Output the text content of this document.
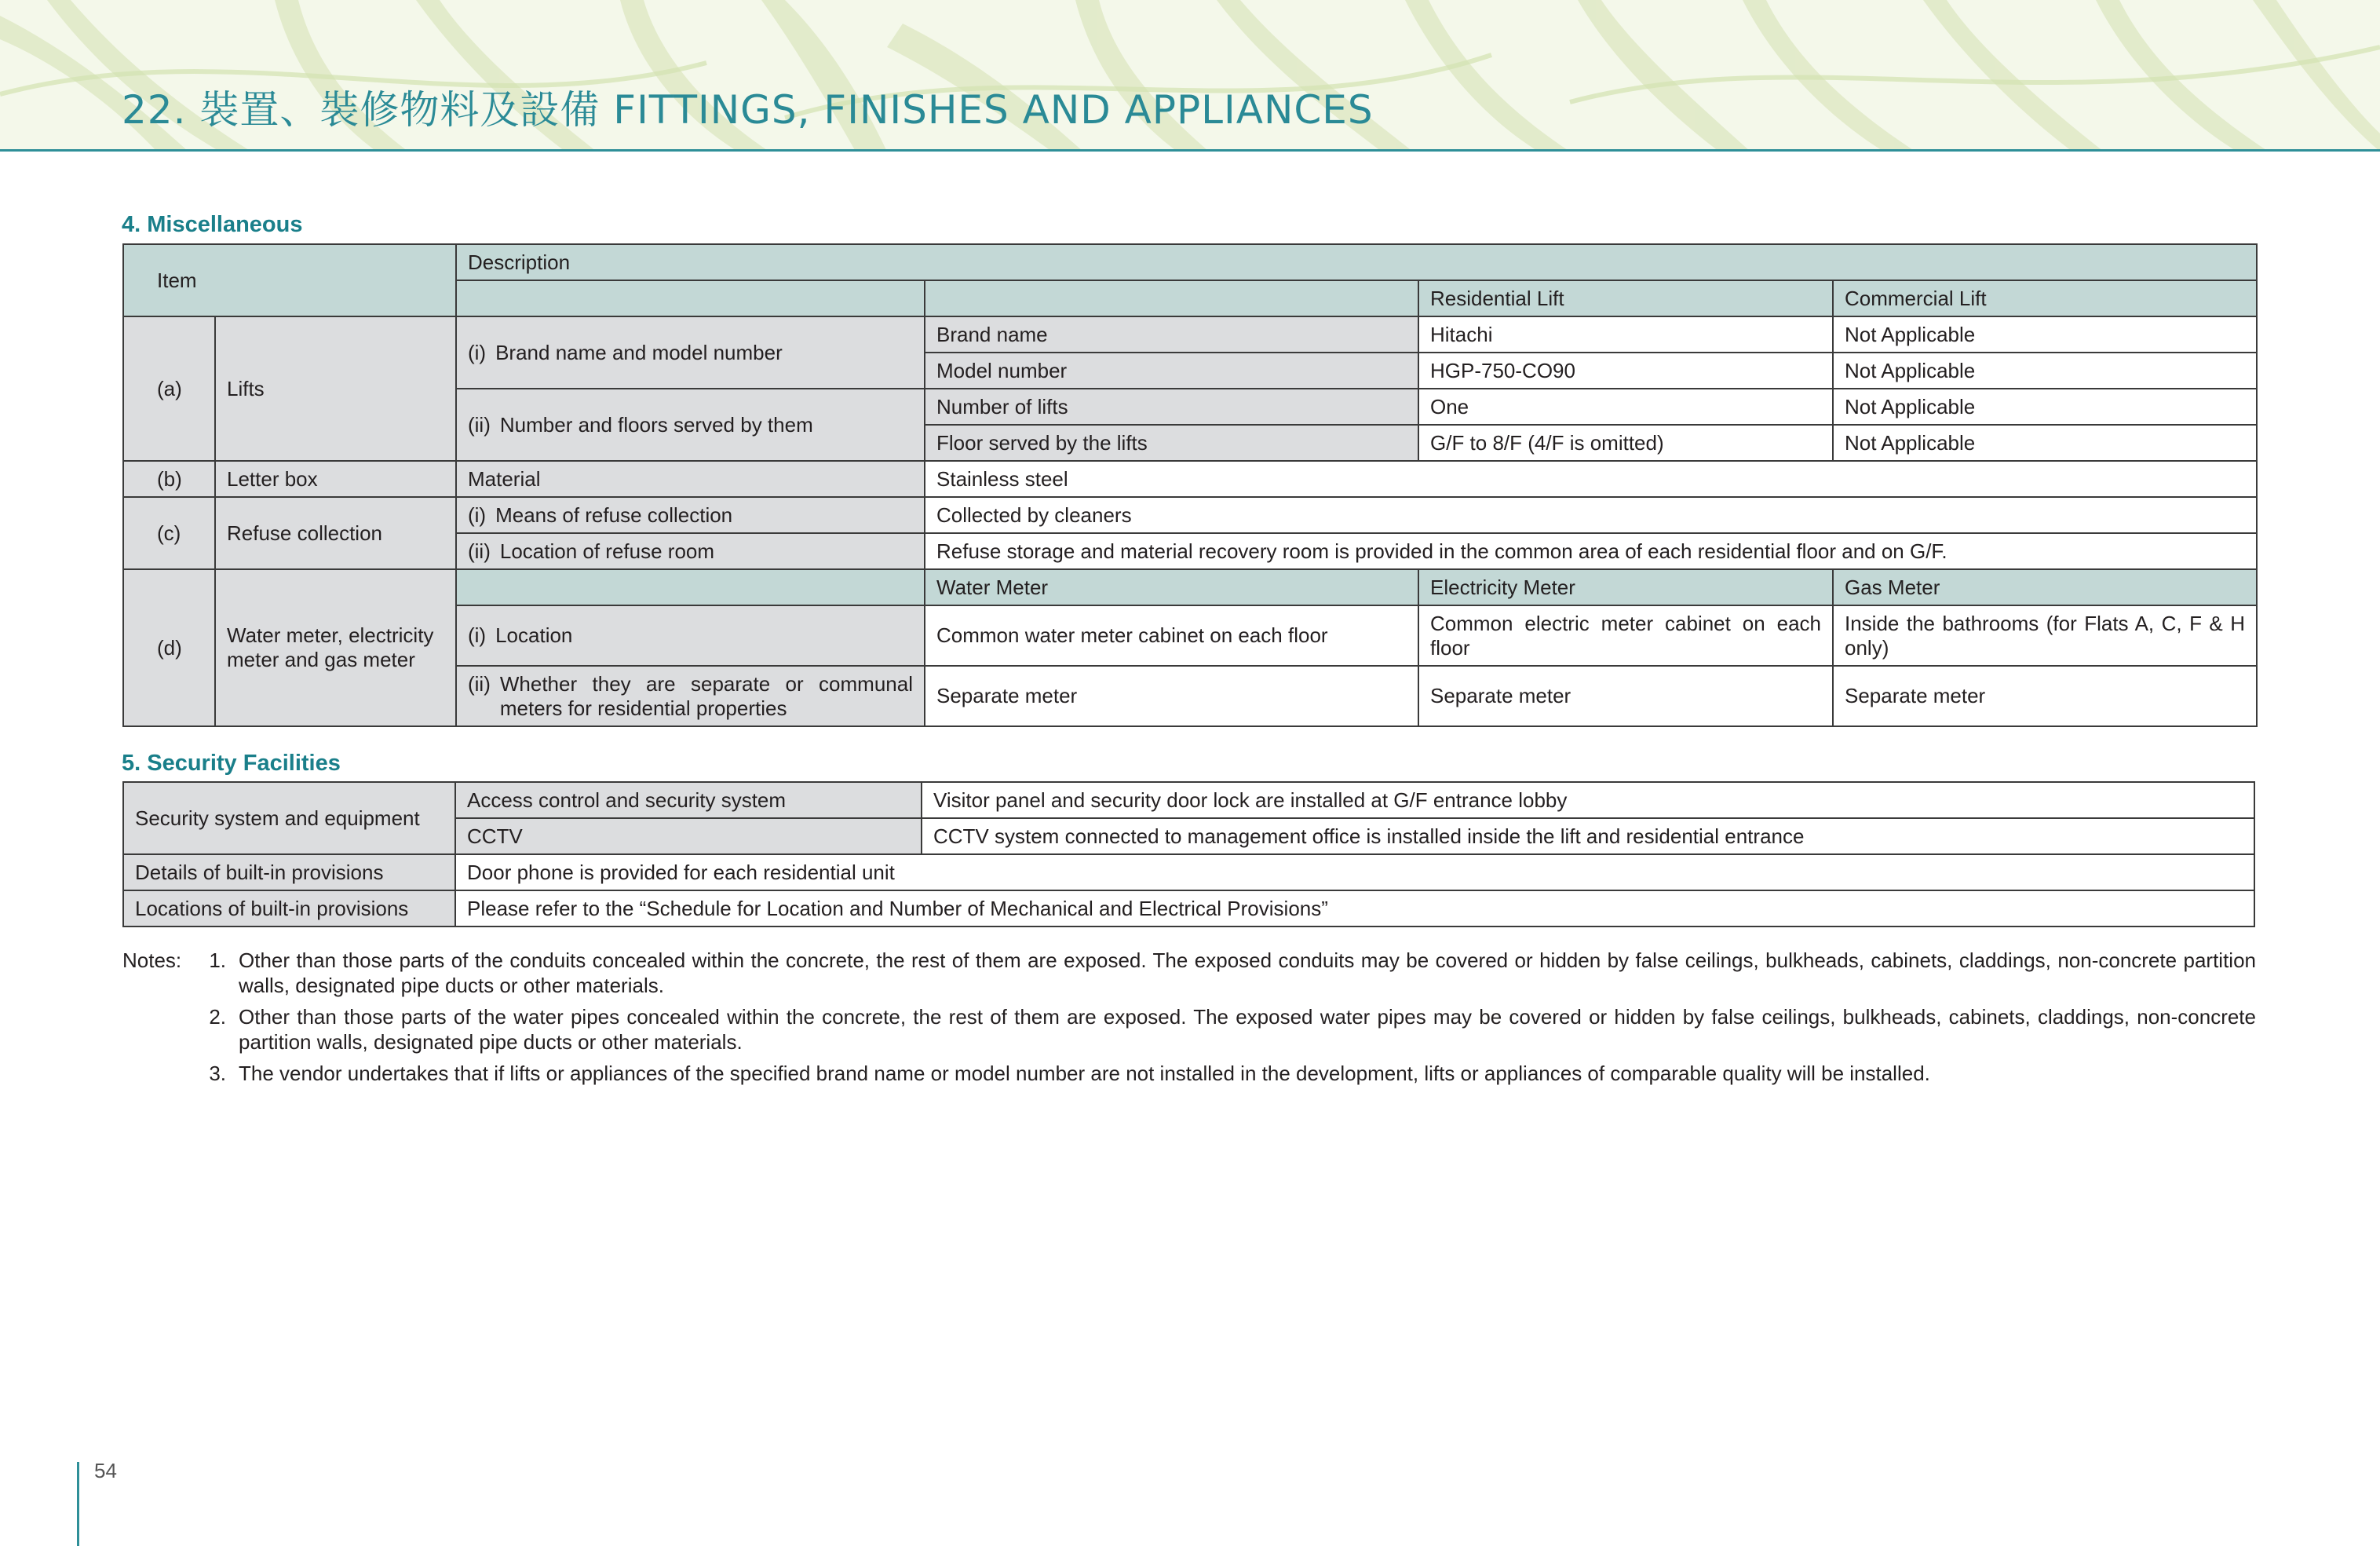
22. 裝置、裝修物料及設備 FITTINGS, FINISHES AND APPLIANCES
4. Miscellaneous
Item		Description			
				Residential Lift	Commercial Lift
(a)	Lifts	(i) Brand name and model number	Brand name	Hitachi	Not Applicable
			Model number	HGP-750-CO90	Not Applicable

		(ii) Number and floors served by them	Number of lifts	One	Not Applicable
			Floor served by the lifts	G/F to 8/F (4/F is omitted)	Not Applicable
(b)	Letter box	Material	Stainless steel		
(c)	Refuse collection	(i) Means of refuse collection	Collected by cleaners		

		(ii) Location of refuse room	Refuse storage and material recovery room is provided in the common area of each residential floor and on G/F.		
(d)	Water meter, electricity meter and gas meter		Water Meter	Electricity Meter	Gas Meter

		(i) Location	Common water meter cabinet on each floor	Common electric meter cabinet on each floor	Inside the bathrooms (for Flats A, C, F & H only)

		(ii) Whether they are separate or communal meters for residential properties	Separate meter	Separate meter	Separate meter
5. Security Facilities
Security system and equipment	Access control and security system	Visitor panel and security door lock are installed at G/F entrance lobby
	CCTV	CCTV system connected to management office is installed inside the lift and residential entrance
Details of built-in provisions	Door phone is provided for each residential unit	
Locations of built-in provisions	Please refer to the “Schedule for Location and Number of Mechanical and Electrical Provisions”	
Notes:	1. Other than those parts of the conduits concealed within the concrete, the rest of them are exposed. The exposed conduits may be covered or hidden by false ceilings, bulkheads, cabinets, claddings, non-concrete partition walls, designated pipe ducts or other materials.
2. Other than those parts of the water pipes concealed within the concrete, the rest of them are exposed. The exposed water pipes may be covered or hidden by false ceilings, bulkheads, cabinets, claddings, non-concrete partition walls, designated pipe ducts or other materials.
3. The vendor undertakes that if lifts or appliances of the specified brand name or model number are not installed in the development, lifts or appliances of comparable quality will be installed.
54
